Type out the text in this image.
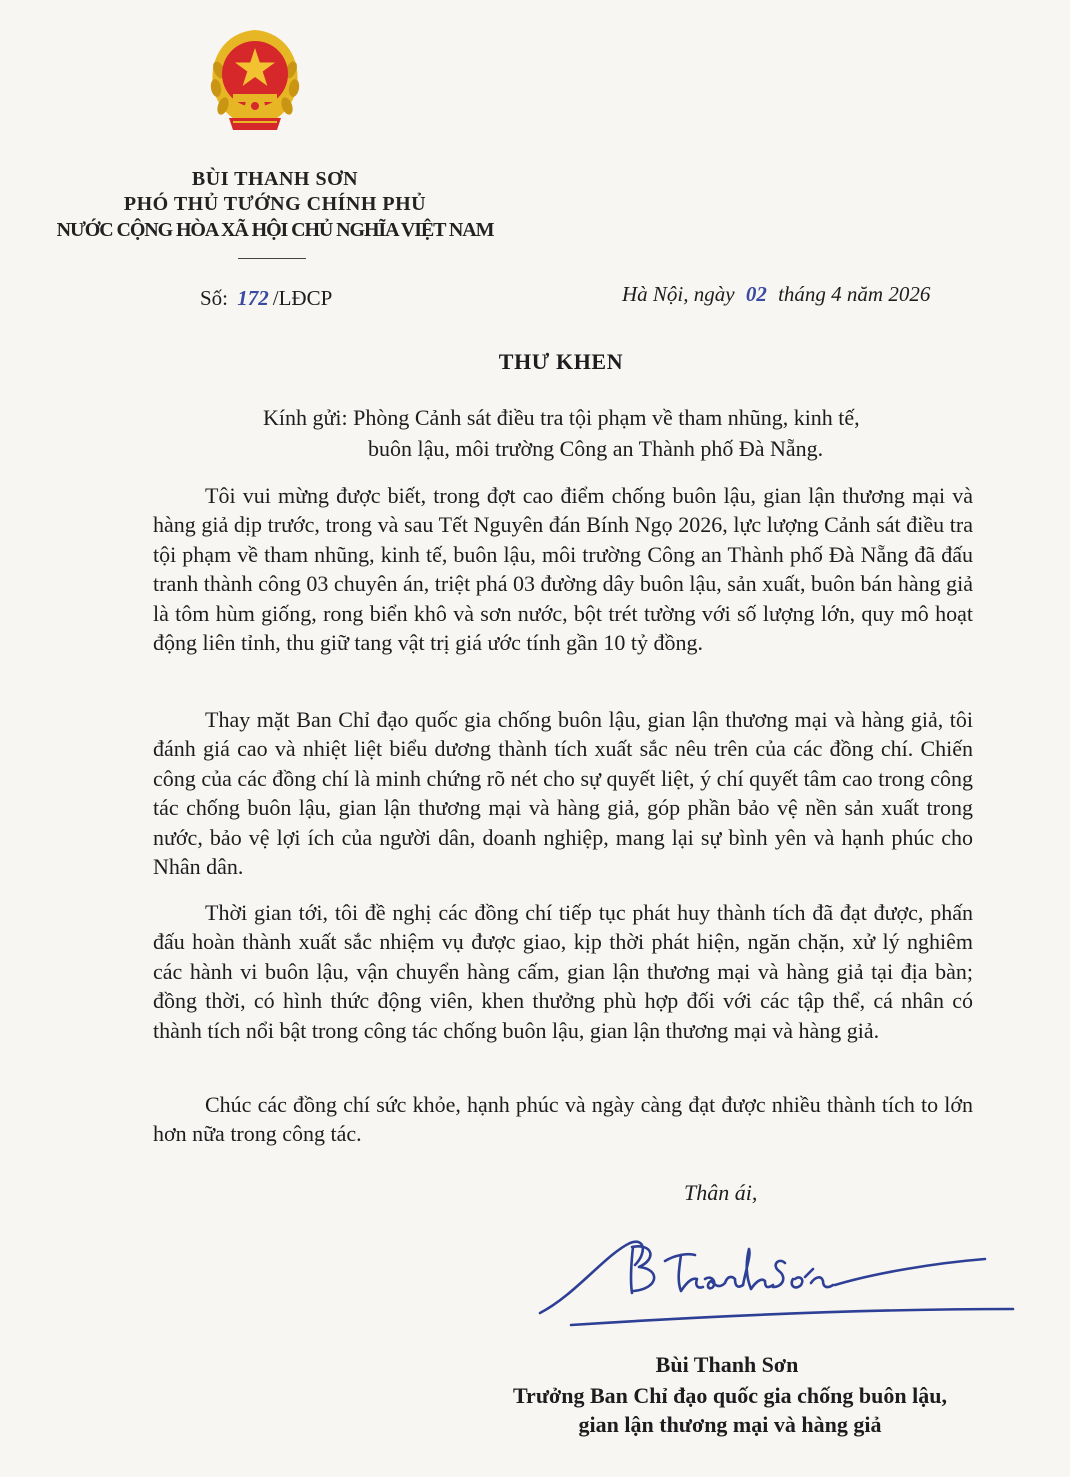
BÙI THANH SƠN
PHÓ THỦ TƯỚNG CHÍNH PHỦ
NƯỚC CỘNG HÒA XÃ HỘI CHỦ NGHĨA VIỆT NAM
Số: 172 /LĐCP	Hà Nội, ngày 02 tháng 4 năm 2026
THƯ KHEN
Kính gửi: Phòng Cảnh sát điều tra tội phạm về tham nhũng, kinh tế,
buôn lậu, môi trường Công an Thành phố Đà Nẵng.

Tôi vui mừng được biết, trong đợt cao điểm chống buôn lậu, gian lận thương mại và hàng giả dịp trước, trong và sau Tết Nguyên đán Bính Ngọ 2026, lực lượng Cảnh sát điều tra tội phạm về tham nhũng, kinh tế, buôn lậu, môi trường Công an Thành phố Đà Nẵng đã đấu tranh thành công 03 chuyên án, triệt phá 03 đường dây buôn lậu, sản xuất, buôn bán hàng giả là tôm hùm giống, rong biển khô và sơn nước, bột trét tường với số lượng lớn, quy mô hoạt động liên tỉnh, thu giữ tang vật trị giá ước tính gần 10 tỷ đồng.

Thay mặt Ban Chỉ đạo quốc gia chống buôn lậu, gian lận thương mại và hàng giả, tôi đánh giá cao và nhiệt liệt biểu dương thành tích xuất sắc nêu trên của các đồng chí. Chiến công của các đồng chí là minh chứng rõ nét cho sự quyết liệt, ý chí quyết tâm cao trong công tác chống buôn lậu, gian lận thương mại và hàng giả, góp phần bảo vệ nền sản xuất trong nước, bảo vệ lợi ích của người dân, doanh nghiệp, mang lại sự bình yên và hạnh phúc cho Nhân dân.

Thời gian tới, tôi đề nghị các đồng chí tiếp tục phát huy thành tích đã đạt được, phấn đấu hoàn thành xuất sắc nhiệm vụ được giao, kịp thời phát hiện, ngăn chặn, xử lý nghiêm các hành vi buôn lậu, vận chuyển hàng cấm, gian lận thương mại và hàng giả tại địa bàn; đồng thời, có hình thức động viên, khen thưởng phù hợp đối với các tập thể, cá nhân có thành tích nổi bật trong công tác chống buôn lậu, gian lận thương mại và hàng giả.

Chúc các đồng chí sức khỏe, hạnh phúc và ngày càng đạt được nhiều thành tích to lớn hơn nữa trong công tác.

Thân ái,
Bùi Thanh Sơn
Trưởng Ban Chỉ đạo quốc gia chống buôn lậu,
gian lận thương mại và hàng giả
